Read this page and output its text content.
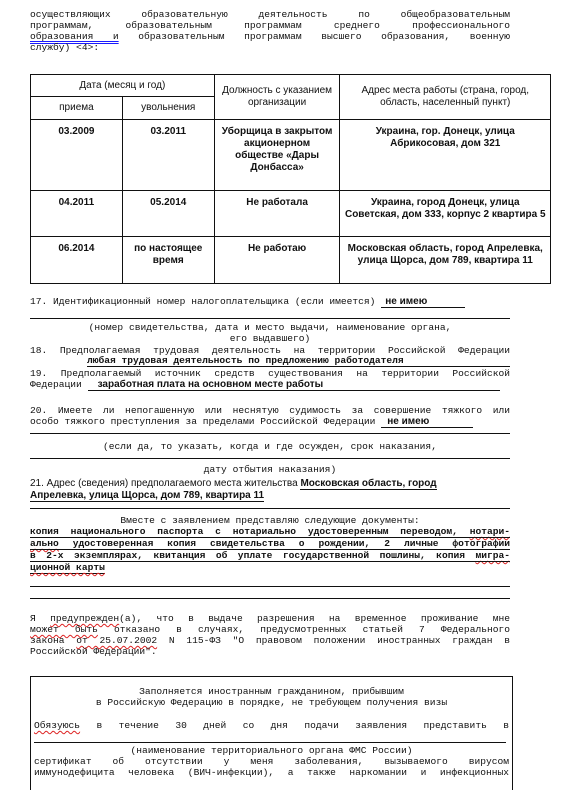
осуществляющих образовательную деятельность по общеобразовательным
программам, образовательным программам среднего профессионального
образования и образовательным программам высшего образования, военную
службу) <4>:
Дата (месяц и год)		Должность с указанием организации	Адрес места работы (страна, город, область, населенный пункт)
приема	увольнения		
03.2009	03.2011	Уборщица в закрытом акционерном обществе «Дары Донбасса»	Украина, гор. Донецк, улица Абрикосовая, дом 321
04.2011	05.2014	Не работала	Украина, город Донецк, улица Советская, дом 333, корпус 2 квартира 5
06.2014	по настоящее время	Не работаю	Московская область, город Апрелевка, улица Щорса, дом 789, квартира 11
17. Идентификационный номер налогоплательщика (если имеется) не имею
(номер свидетельства, дата и место выдачи, наименование органа,
его выдавшего)
18. Предполагаемая трудовая деятельность на территории Российской Федерации
любая трудовая деятельность по предложению работодателя
19. Предполагаемый источник средств существования на территории Российской
Федерации заработная плата на основном месте работы
20. Имеете ли непогашенную или неснятую судимость за совершение тяжкого или
особо тяжкого преступления за пределами Российской Федерации не имею
(если да, то указать, когда и где осужден, срок наказания,
дату отбытия наказания)
21. Адрес (сведения) предполагаемого места жительства Московская область, город
Апрелевка, улица Щорса, дом 789, квартира 11
Вместе с заявлением представляю следующие документы:
копия национального паспорта с нотариально удостоверенным переводом, нотари-
ально удостоверенная копия свидетельства о рождении, 2 личные фотографии
в 2-х экземплярах, квитанция об уплате государственной пошлины, копия мигра-
ционной карты
Я предупрежден(а), что в выдаче разрешения на временное проживание мне
может быть отказано в случаях, предусмотренных статьей 7 Федерального
закона от 25.07.2002 N 115-ФЗ "О правовом положении иностранных граждан в
Российской Федерации".
Заполняется иностранным гражданином, прибывшим
в Российскую Федерацию в порядке, не требующем получения визы
Обязуюсь в течение 30 дней со дня подачи заявления представить в
(наименование территориального органа ФМС России)
сертификат об отсутствии у меня заболевания, вызываемого вирусом
иммунодефицита человека (ВИЧ-инфекции), а также наркомании и инфекционных
